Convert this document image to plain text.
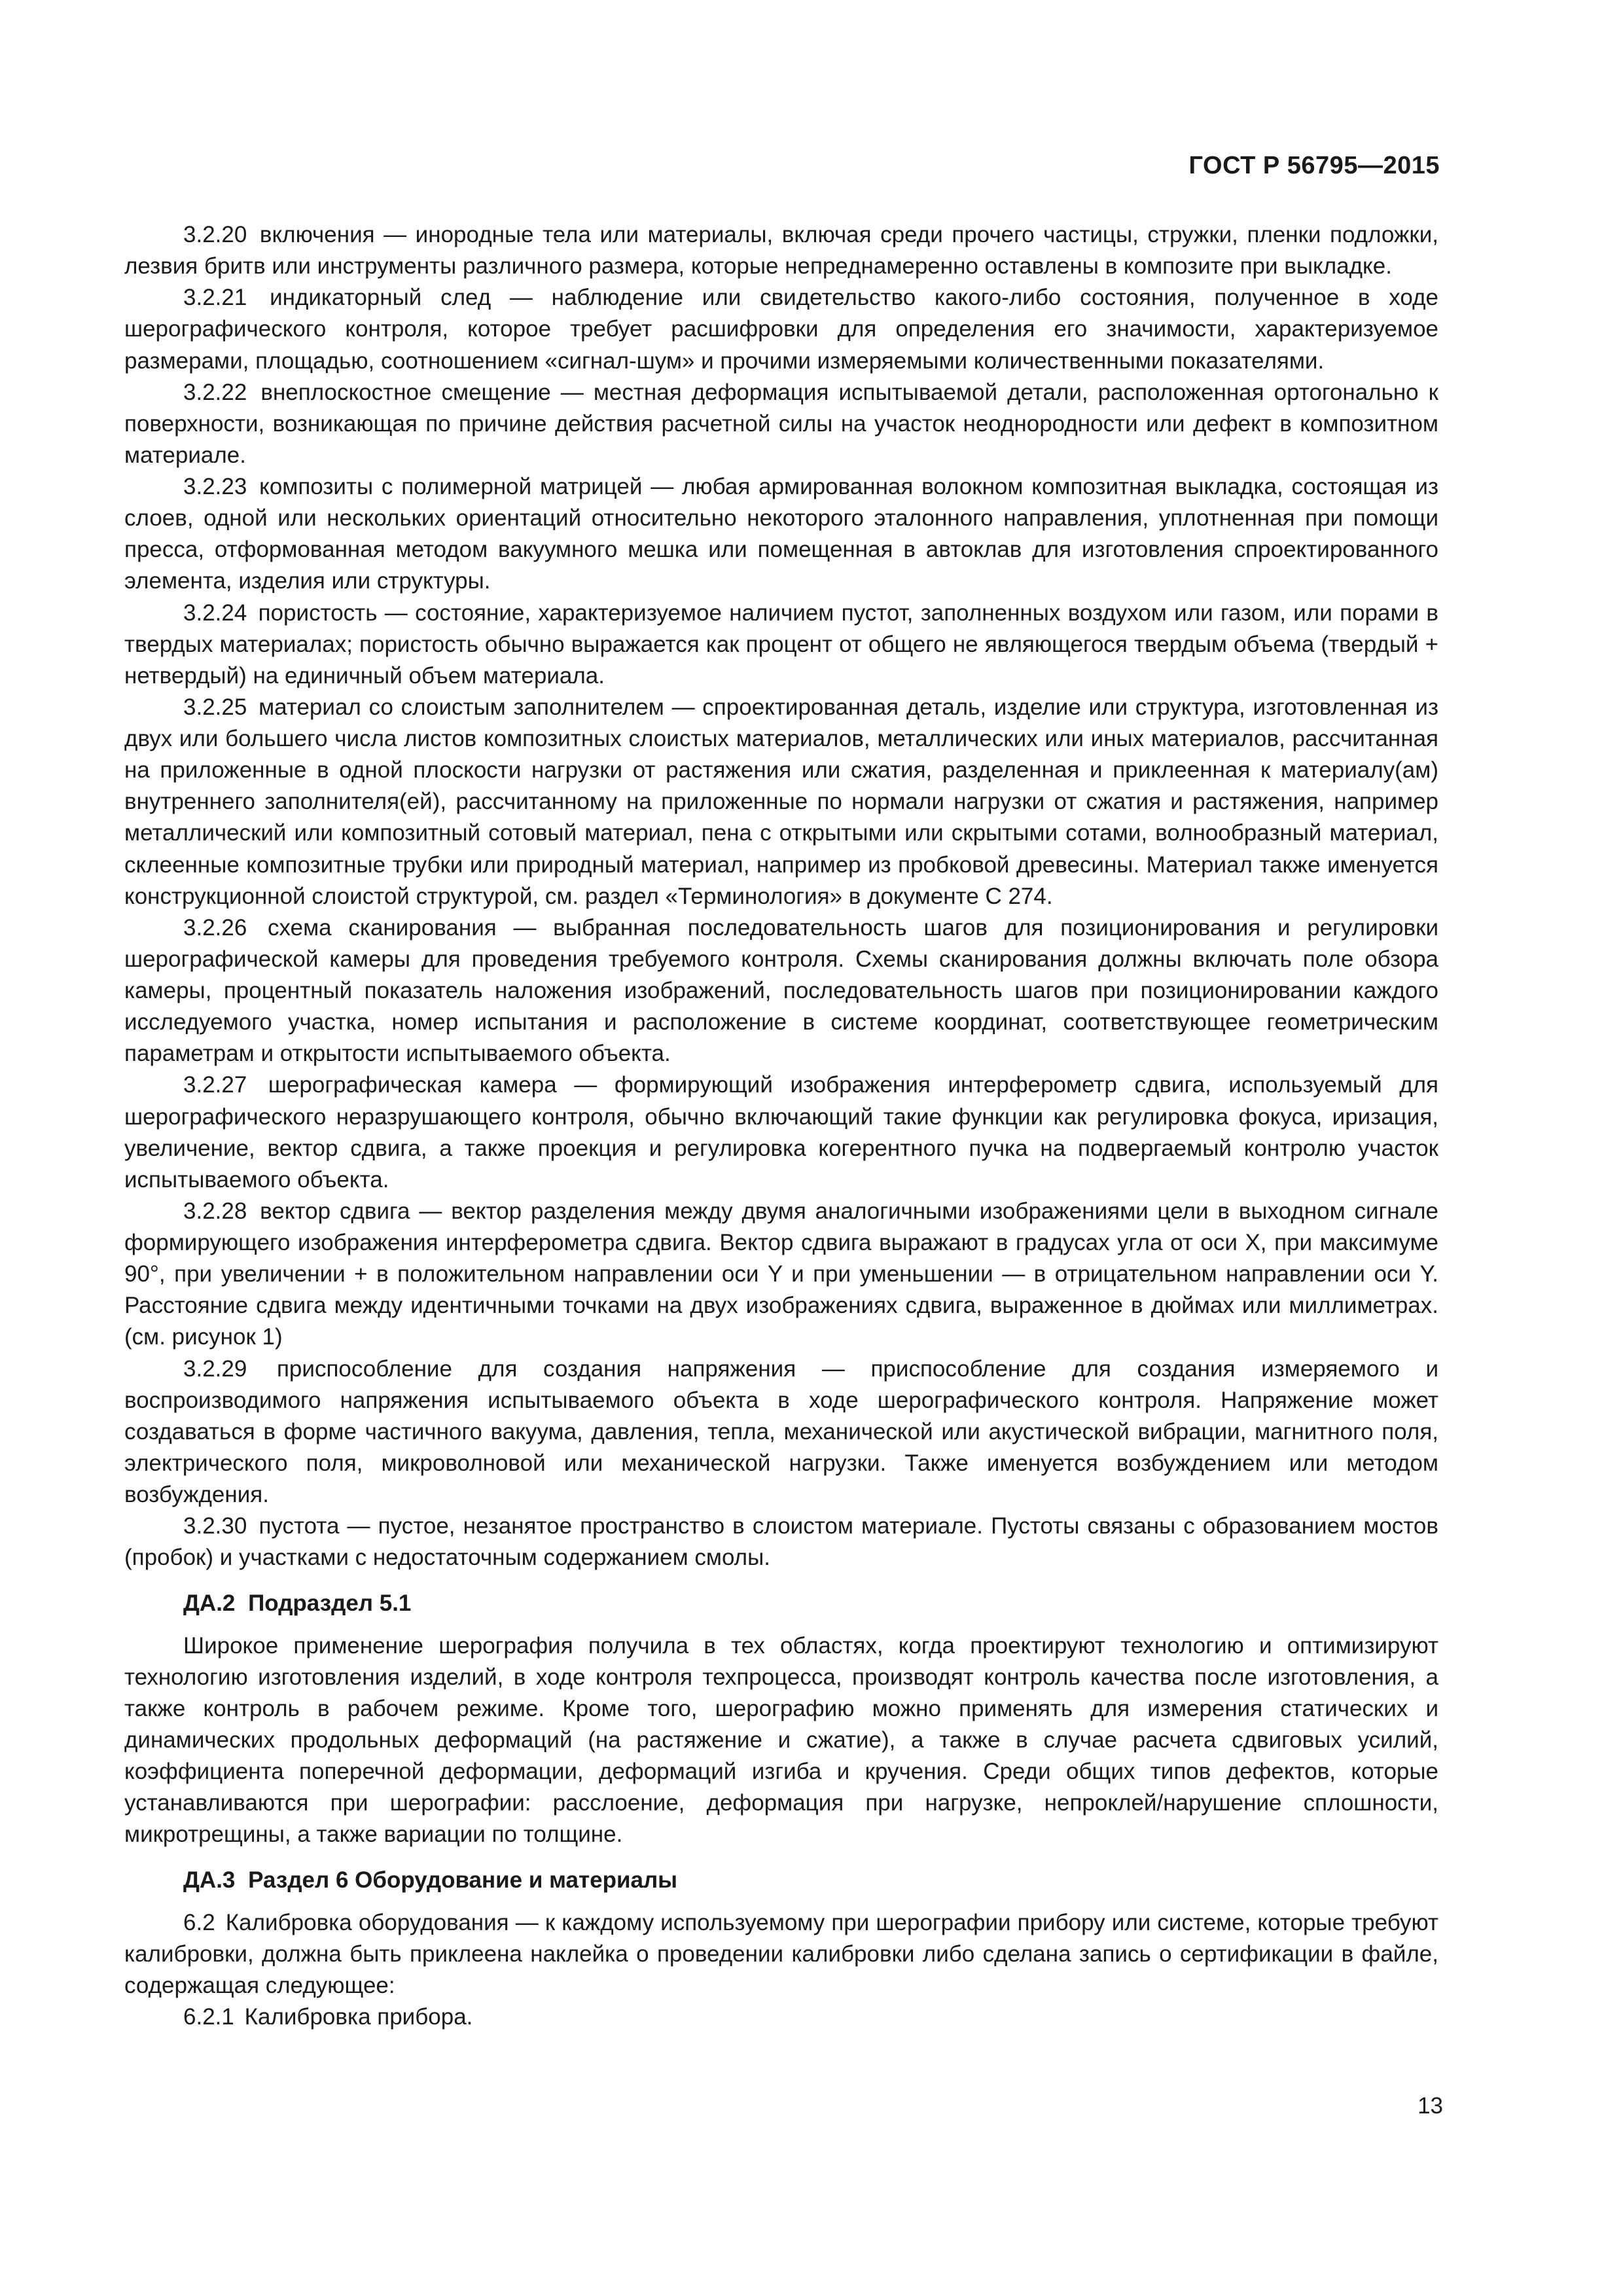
ГОСТ Р 56795—2015

3.2.20 включения — инородные тела или материалы, включая среди прочего частицы, стружки, пленки подложки, лезвия бритв или инструменты различного размера, которые непреднамеренно оставлены в композите при выкладке.

3.2.21 индикаторный след — наблюдение или свидетельство какого-либо состояния, полученное в ходе шерографического контроля, которое требует расшифровки для определения его значимости, характеризуемое размерами, площадью, соотношением «сигнал-шум» и прочими измеряемыми количественными показателями.

3.2.22 внеплоскостное смещение — местная деформация испытываемой детали, расположенная ортогонально к поверхности, возникающая по причине действия расчетной силы на участок неоднородности или дефект в композитном материале.

3.2.23 композиты с полимерной матрицей — любая армированная волокном композитная выкладка, состоящая из слоев, одной или нескольких ориентаций относительно некоторого эталонного направления, уплотненная при помощи пресса, отформованная методом вакуумного мешка или помещенная в автоклав для изготовления спроектированного элемента, изделия или структуры.

3.2.24 пористость — состояние, характеризуемое наличием пустот, заполненных воздухом или газом, или порами в твердых материалах; пористость обычно выражается как процент от общего не являющегося твердым объема (твердый + нетвердый) на единичный объем материала.

3.2.25 материал со слоистым заполнителем — спроектированная деталь, изделие или структура, изготовленная из двух или большего числа листов композитных слоистых материалов, металлических или иных материалов, рассчитанная на приложенные в одной плоскости нагрузки от растяжения или сжатия, разделенная и приклеенная к материалу(ам) внутреннего заполнителя(ей), рассчитанному на приложенные по нормали нагрузки от сжатия и растяжения, например металлический или композитный сотовый материал, пена с открытыми или скрытыми сотами, волнообразный материал, склеенные композитные трубки или природный материал, например из пробковой древесины. Материал также именуется конструкционной слоистой структурой, см. раздел «Терминология» в документе С 274.

3.2.26 схема сканирования — выбранная последовательность шагов для позиционирования и регулировки шерографической камеры для проведения требуемого контроля. Схемы сканирования должны включать поле обзора камеры, процентный показатель наложения изображений, последовательность шагов при позиционировании каждого исследуемого участка, номер испытания и расположение в системе координат, соответствующее геометрическим параметрам и открытости испытываемого объекта.

3.2.27 шерографическая камера — формирующий изображения интерферометр сдвига, используемый для шерографического неразрушающего контроля, обычно включающий такие функции как регулировка фокуса, иризация, увеличение, вектор сдвига, а также проекция и регулировка когерентного пучка на подвергаемый контролю участок испытываемого объекта.

3.2.28 вектор сдвига — вектор разделения между двумя аналогичными изображениями цели в выходном сигнале формирующего изображения интерферометра сдвига. Вектор сдвига выражают в градусах угла от оси X, при максимуме 90°, при увеличении + в положительном направлении оси Y и при уменьшении — в отрицательном направлении оси Y. Расстояние сдвига между идентичными точками на двух изображениях сдвига, выраженное в дюймах или миллиметрах. (см. рисунок 1)

3.2.29 приспособление для создания напряжения — приспособление для создания измеряемого и воспроизводимого напряжения испытываемого объекта в ходе шерографического контроля. Напряжение может создаваться в форме частичного вакуума, давления, тепла, механической или акустической вибрации, магнитного поля, электрического поля, микроволновой или механической нагрузки. Также именуется возбуждением или методом возбуждения.

3.2.30 пустота — пустое, незанятое пространство в слоистом материале. Пустоты связаны с образованием мостов (пробок) и участками с недостаточным содержанием смолы.

ДА.2 Подраздел 5.1

Широкое применение шерография получила в тех областях, когда проектируют технологию и оптимизируют технологию изготовления изделий, в ходе контроля техпроцесса, производят контроль качества после изготовления, а также контроль в рабочем режиме. Кроме того, шерографию можно применять для измерения статических и динамических продольных деформаций (на растяжение и сжатие), а также в случае расчета сдвиговых усилий, коэффициента поперечной деформации, деформаций изгиба и кручения. Среди общих типов дефектов, которые устанавливаются при шерографии: расслоение, деформация при нагрузке, непроклей/нарушение сплошности, микротрещины, а также вариации по толщине.

ДА.3 Раздел 6 Оборудование и материалы

6.2 Калибровка оборудования — к каждому используемому при шерографии прибору или системе, которые требуют калибровки, должна быть приклеена наклейка о проведении калибровки либо сделана запись о сертификации в файле, содержащая следующее:

6.2.1 Калибровка прибора.

13
